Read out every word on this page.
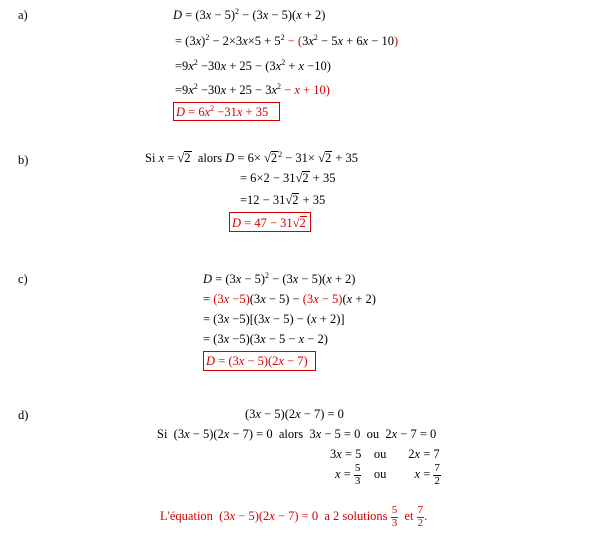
a)	$D = (3x - 5)^2 - (3x - 5)(x + 2)$
= $(3x)^2 - 2\times 3x\times 5 + 5^2 - (3x^2 - 5x + 6x - 10)$
$=9x^2 -30x + 25 - (3x^2 + x -10)$
$=9x^2 -30x + 25 - 3x^2 - x + 10$)
$D = 6x^2 -31x + 35$
b)	Si x = √2  alors $D = 6\times √2^2 - 31\times √2 + 35$
= 6×2 − 31√2 + 35
=12 − 31√2 + 35
D = 47 − 31√2
c)	$D = (3x - 5)^2 - (3x - 5)(x + 2)$
= (3x −5)(3x − 5) − (3x − 5)(x + 2)
= (3x −5)[(3x − 5) − (x + 2)]
= (3x −5)(3x − 5 − x − 2)
D = (3x − 5)(2x − 7)
d)	(3x − 5)(2x − 7) = 0
Si  (3x − 5)(2x − 7) = 0  alors  3x − 5 = 0  ou  2x − 7 = 0
3x = 5    ou       2x = 7
$x = \frac{5}{3}$ ou         $x = \frac{7}{2}$
L'équation  (3x − 5)(2x − 7) = 0  a 2 solutions $\frac{5}{3}$ et $\frac{7}{2}$ .
